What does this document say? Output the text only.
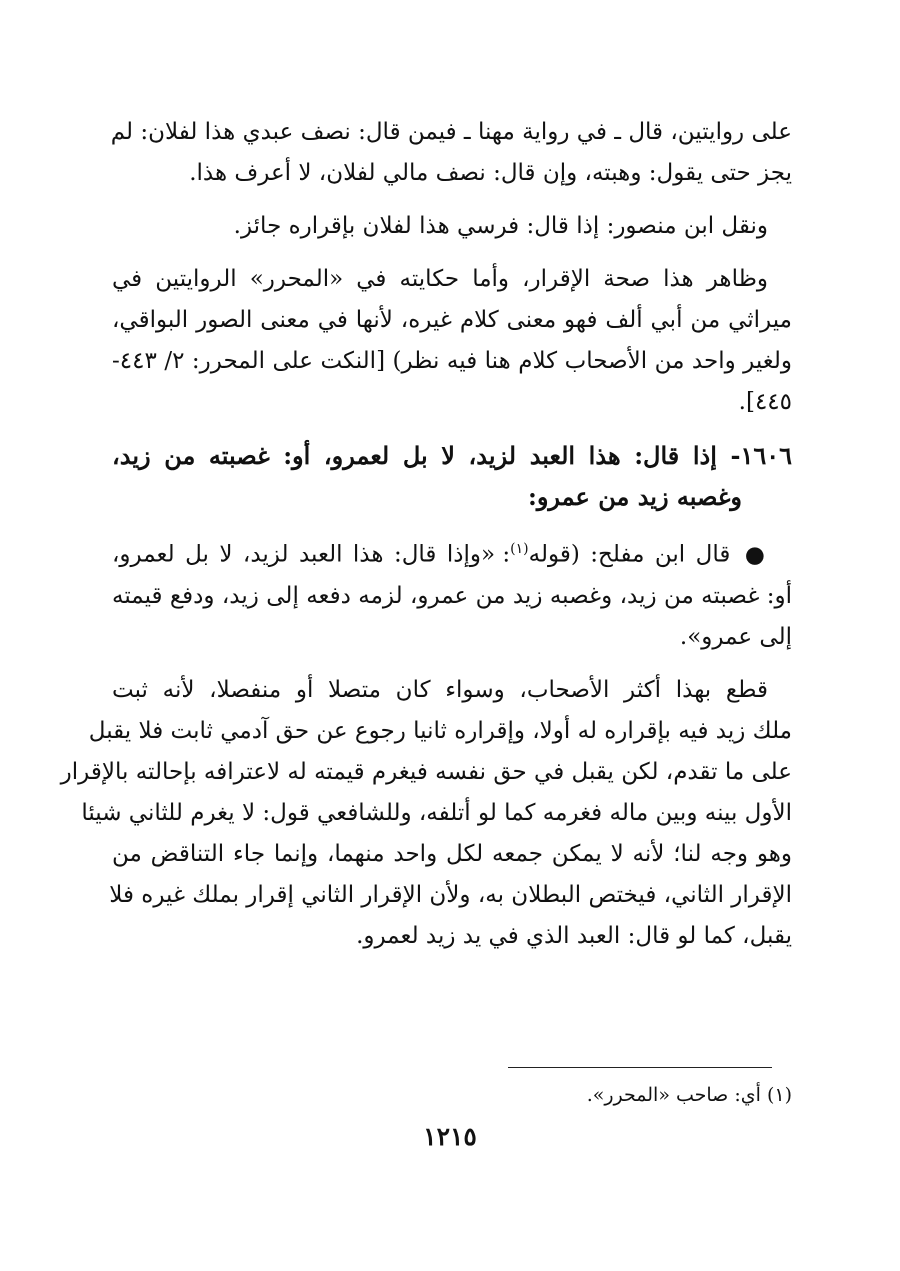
على روايتين، قال ـ في رواية مهنا ـ فيمن قال: نصف عبدي هذا لفلان: لم
يجز حتى يقول: وهبته، وإن قال: نصف مالي لفلان، لا أعرف هذا.
ونقل ابن منصور: إذا قال: فرسي هذا لفلان بإقراره جائز.
وظاهر هذا صحة الإقرار، وأما حكايته في «المحرر» الروايتين في
ميراثي من أبي ألف فهو معنى كلام غيره، لأنها في معنى الصور البواقي،
ولغير واحد من الأصحاب كلام هنا فيه نظر) [النكت على المحرر: ٢/ ٤٤٣-
٤٤٥].
١٦٠٦- إذا قال: هذا العبد لزيد، لا بل لعمرو، أو: غصبته من زيد،
وغصبه زيد من عمرو:
● قال ابن مفلح: (قوله$^{(١)}$: «وإذا قال: هذا العبد لزيد، لا بل لعمرو،
أو: غصبته من زيد، وغصبه زيد من عمرو، لزمه دفعه إلى زيد، ودفع قيمته
إلى عمرو».
قطع بهذا أكثر الأصحاب، وسواء كان متصلا أو منفصلا، لأنه ثبت
ملك زيد فيه بإقراره له أولا، وإقراره ثانيا رجوع عن حق آدمي ثابت فلا يقبل
على ما تقدم، لكن يقبل في حق نفسه فيغرم قيمته له لاعترافه بإحالته بالإقرار
الأول بينه وبين ماله فغرمه كما لو أتلفه، وللشافعي قول: لا يغرم للثاني شيئا
وهو وجه لنا؛ لأنه لا يمكن جمعه لكل واحد منهما، وإنما جاء التناقض من
الإقرار الثاني، فيختص البطلان به، ولأن الإقرار الثاني إقرار بملك غيره فلا
يقبل، كما لو قال: العبد الذي في يد زيد لعمرو.
(١) أي: صاحب «المحرر».
١٢١٥
